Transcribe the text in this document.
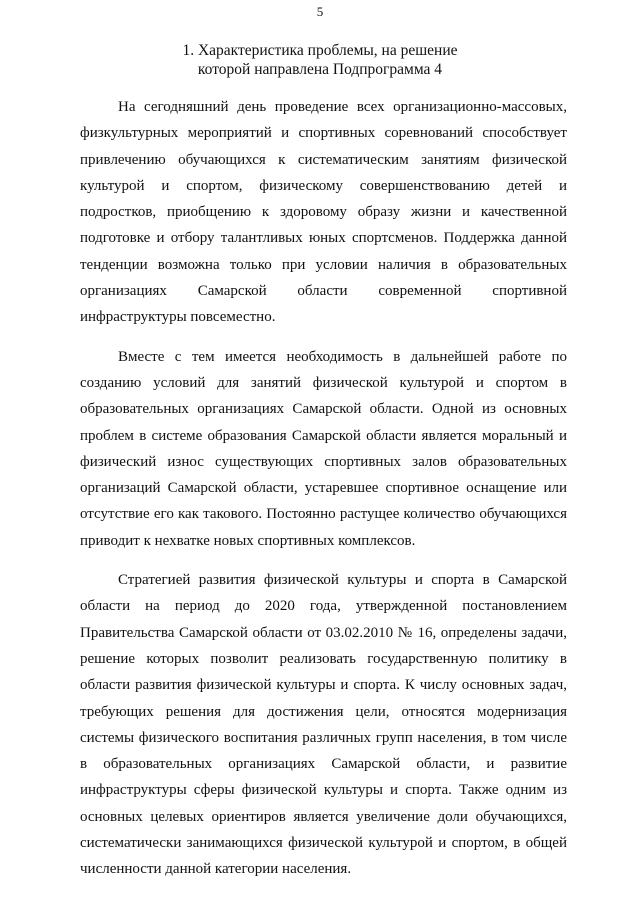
5
1. Характеристика проблемы, на решение
которой направлена Подпрограмма 4

На сегодняшний день проведение всех организационно-массовых, физкультурных мероприятий и спортивных соревнований способствует привлечению обучающихся к систематическим занятиям физической культурой и спортом, физическому совершенствованию детей и подростков, приобщению к здоровому образу жизни и качественной подготовке и отбору талантливых юных спортсменов. Поддержка данной тенденции возможна только при условии наличия в образовательных организациях Самарской области современной спортивной инфраструктуры повсеместно.

Вместе с тем имеется необходимость в дальнейшей работе по созданию условий для занятий физической культурой и спортом в образовательных организациях Самарской области. Одной из основных проблем в системе образования Самарской области является моральный и физический износ существующих спортивных залов образовательных организаций Самарской области, устаревшее спортивное оснащение или отсутствие его как такового. Постоянно растущее количество обучающихся приводит к нехватке новых спортивных комплексов.

Стратегией развития физической культуры и спорта в Самарской области на период до 2020 года, утвержденной постановлением Правительства Самарской области от 03.02.2010 № 16, определены задачи, решение которых позволит реализовать государственную политику в области развития физической культуры и спорта. К числу основных задач, требующих решения для достижения цели, относятся модернизация системы физического воспитания различных групп населения, в том числе в образовательных организациях Самарской области, и развитие инфраструктуры сферы физической культуры и спорта. Также одним из основных целевых ориентиров является увеличение доли обучающихся, систематически занимающихся физической культурой и спортом, в общей численности данной категории населения.
